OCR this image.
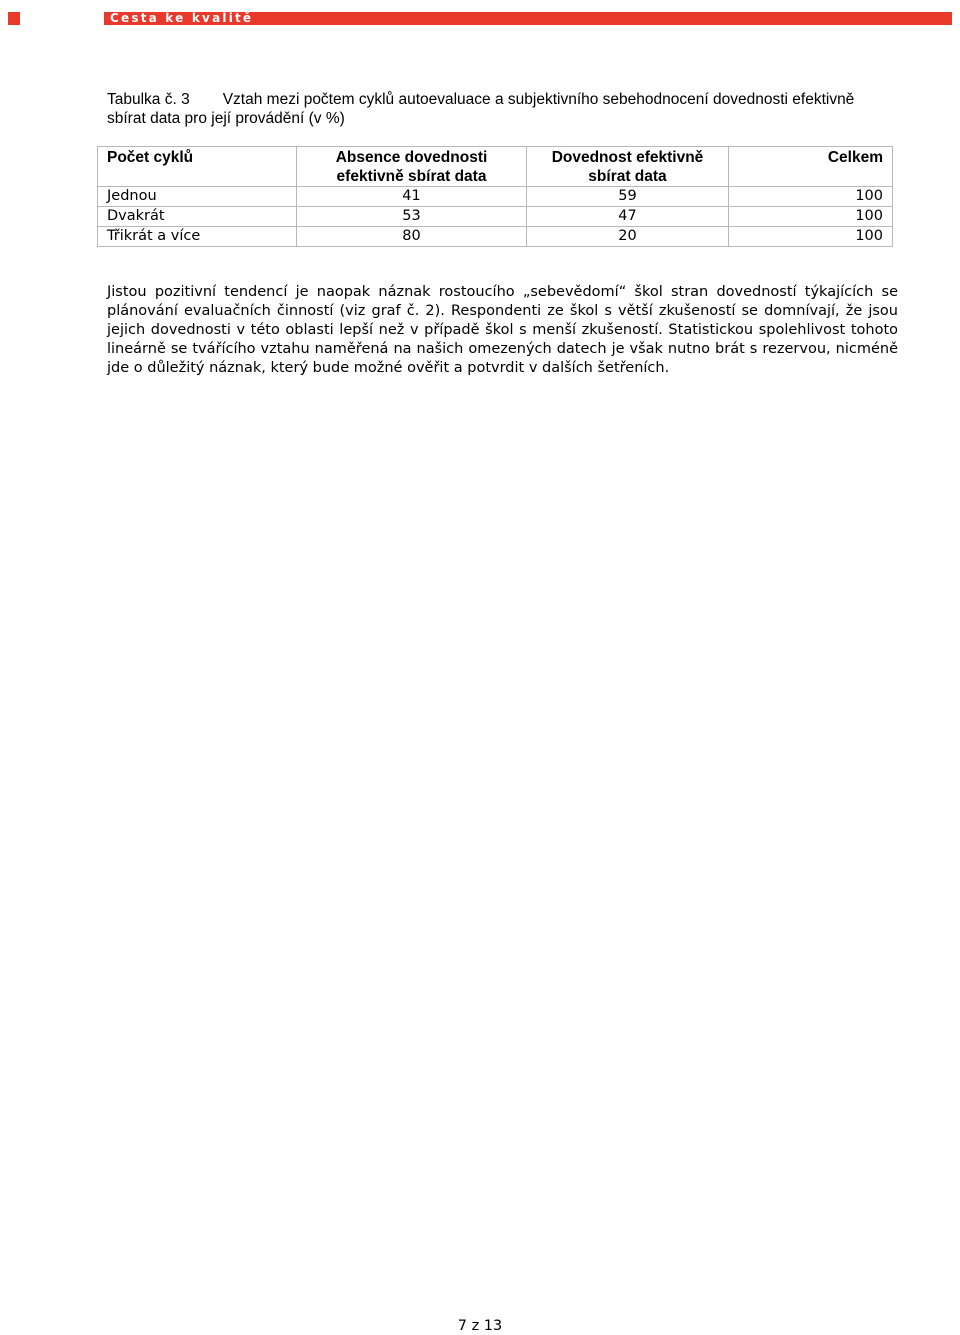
Cesta ke kvalitě
Tabulka č. 3 Vztah mezi počtem cyklů autoevaluace a subjektivního sebehodnocení dovednosti efektivně sbírat data pro její provádění (v %)
Počet cyklů	Absence dovednosti efektivně sbírat data	Dovednost efektivně sbírat data	Celkem
Jednou	41	59	100
Dvakrát	53	47	100
Třikrát a více	80	20	100
Jistou pozitivní tendencí je naopak náznak rostoucího „sebevědomí“ škol stran dovedností týkajících se plánování evaluačních činností (viz graf č. 2). Respondenti ze škol s větší zkušeností se domnívají, že jsou jejich dovednosti v této oblasti lepší než v případě škol s menší zkušeností. Statistickou spolehlivost tohoto lineárně se tvářícího vztahu naměřená na našich omezených datech je však nutno brát s rezervou, nicméně jde o důležitý náznak, který bude možné ověřit a potvrdit v dalších šetřeních.
7 z 13
